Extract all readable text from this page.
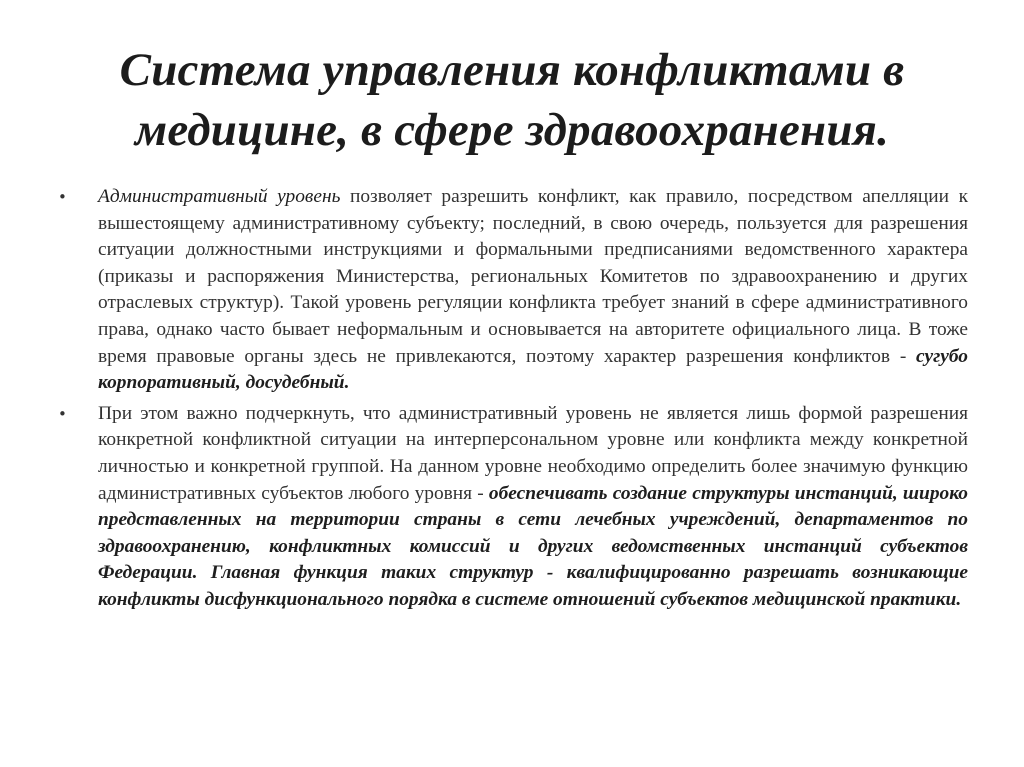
Система управления конфликтами в медицине, в сфере здравоохранения.
•	Административный уровень позволяет разрешить конфликт, как правило, посредством апелляции к вышестоящему административному субъекту; последний, в свою очередь, пользуется для разрешения ситуации должностными инструкциями и формальными предписаниями ведомственного характера (приказы и распоряжения Министерства, региональных Комитетов по здравоохранению и других отраслевых структур). Такой уровень регуляции конфликта требует знаний в сфере административного права, однако часто бывает неформальным и основывается на авторитете официального лица. В тоже время правовые органы здесь не привлекаются, поэтому характер разрешения конфликтов - сугубо корпоративный, досудебный.
•	При этом важно подчеркнуть, что административный уровень не является лишь формой разрешения конкретной конфликтной ситуации на интерперсональном уровне или конфликта между конкретной личностью и конкретной группой. На данном уровне необходимо определить более значимую функцию административных субъектов любого уровня - обеспечивать создание структуры инстанций, широко представленных на территории страны в сети лечебных учреждений, департаментов по здравоохранению, конфликтных комиссий и других ведомственных инстанций субъектов Федерации. Главная функция таких структур - квалифицированно разрешать возникающие конфликты дисфункционального порядка в системе отношений субъектов медицинской практики.
